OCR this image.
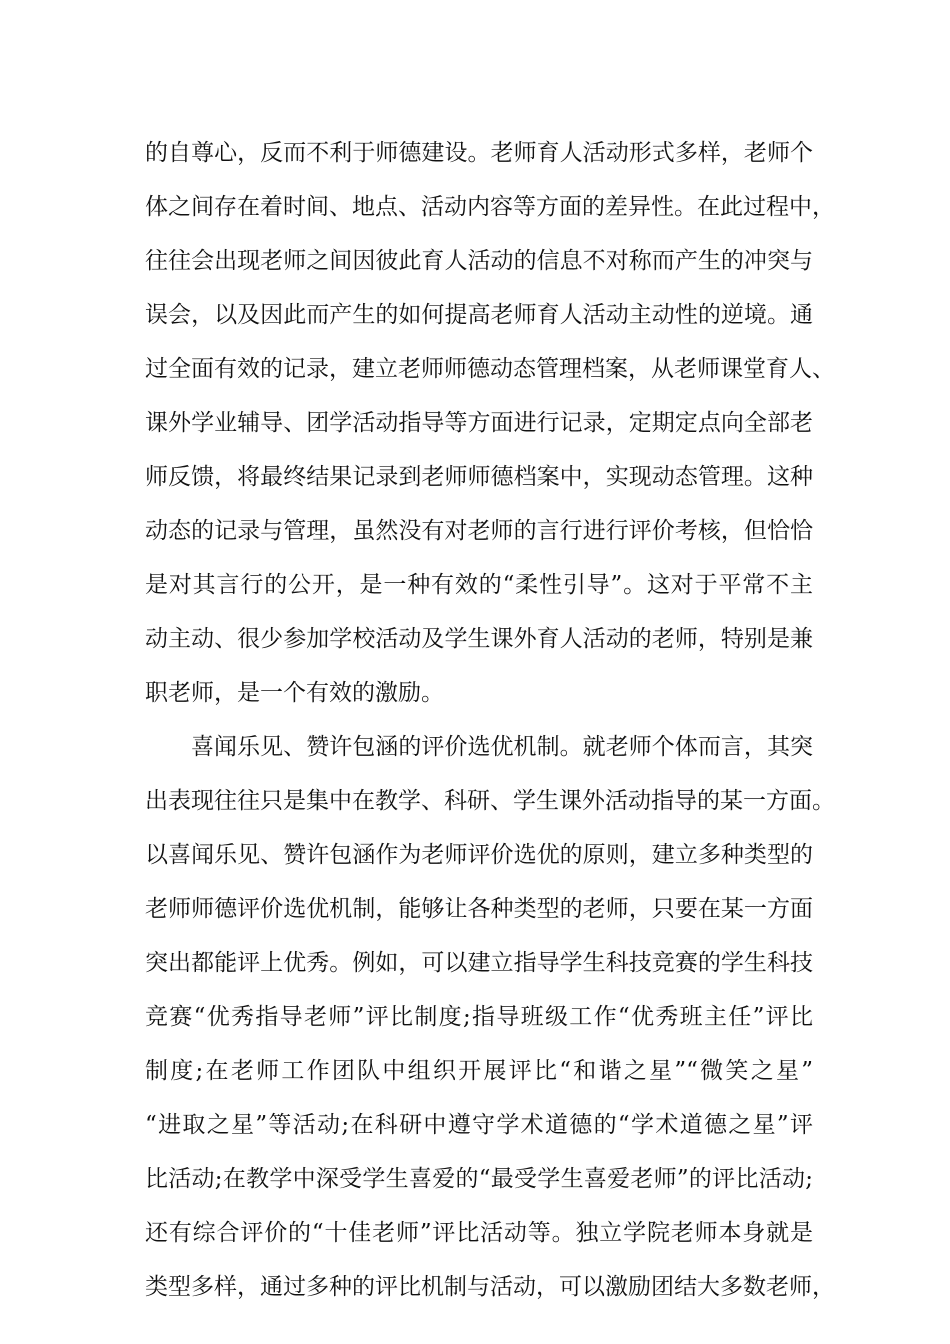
的自尊心，反而不利于师德建设。老师育人活动形式多样，老师个
体之间存在着时间、地点、活动内容等方面的差异性。在此过程中，
往往会出现老师之间因彼此育人活动的信息不对称而产生的冲突与
误会，以及因此而产生的如何提高老师育人活动主动性的逆境。通
过全面有效的记录，建立老师师德动态管理档案，从老师课堂育人、
课外学业辅导、团学活动指导等方面进行记录，定期定点向全部老
师反馈，将最终结果记录到老师师德档案中，实现动态管理。这种
动态的记录与管理，虽然没有对老师的言行进行评价考核，但恰恰
是对其言行的公开，是一种有效的“柔性引导”。这对于平常不主
动主动、很少参加学校活动及学生课外育人活动的老师，特别是兼
职老师，是一个有效的激励。
喜闻乐见、赞许包涵的评价选优机制。就老师个体而言，其突
出表现往往只是集中在教学、科研、学生课外活动指导的某一方面。
以喜闻乐见、赞许包涵作为老师评价选优的原则，建立多种类型的
老师师德评价选优机制，能够让各种类型的老师，只要在某一方面
突出都能评上优秀。例如，可以建立指导学生科技竞赛的学生科技
竞赛“优秀指导老师”评比制度;指导班级工作“优秀班主任”评比
制度;在老师工作团队中组织开展评比“和谐之星”“微笑之星”
“进取之星”等活动;在科研中遵守学术道德的“学术道德之星”评
比活动;在教学中深受学生喜爱的“最受学生喜爱老师”的评比活动;
还有综合评价的“十佳老师”评比活动等。独立学院老师本身就是
类型多样，通过多种的评比机制与活动，可以激励团结大多数老师，
